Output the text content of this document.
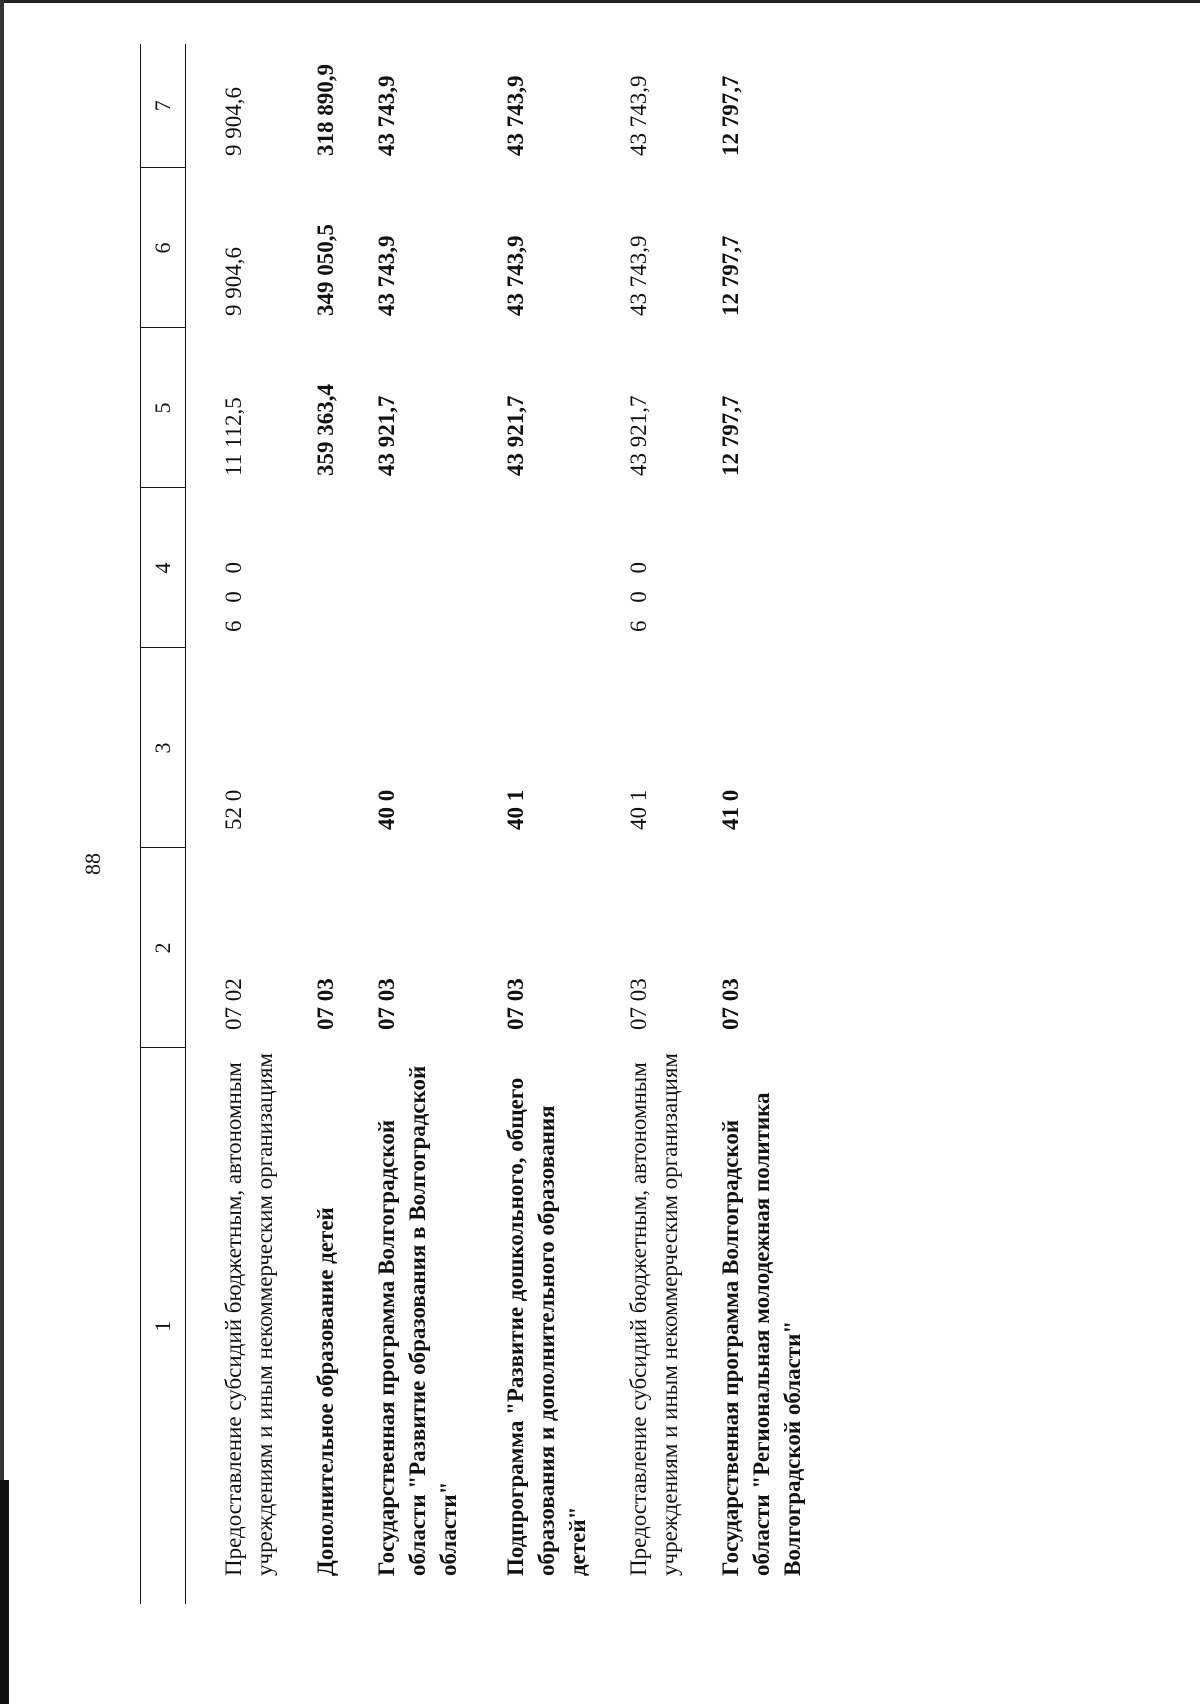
88
1	2	3	4	5	6	7
Предоставление субсидий бюджетным, автономным учреждениям и иным некоммерческим организациям	07 02	52 0	6 0 0	11 112,5	9 904,6	9 904,6
Дополнительное образование детей	07 03			359 363,4	349 050,5	318 890,9
Государственная программа Волгоградской области "Развитие образования в Волгоградской области"	07 03	40 0		43 921,7	43 743,9	43 743,9
Подпрограмма "Развитие дошкольного, общего образования и дополнительного образования детей"	07 03	40 1		43 921,7	43 743,9	43 743,9
Предоставление субсидий бюджетным, автономным учреждениям и иным некоммерческим организациям	07 03	40 1	6 0 0	43 921,7	43 743,9	43 743,9
Государственная программа Волгоградской области "Региональная молодежная политика Волгоградской области"	07 03	41 0		12 797,7	12 797,7	12 797,7
